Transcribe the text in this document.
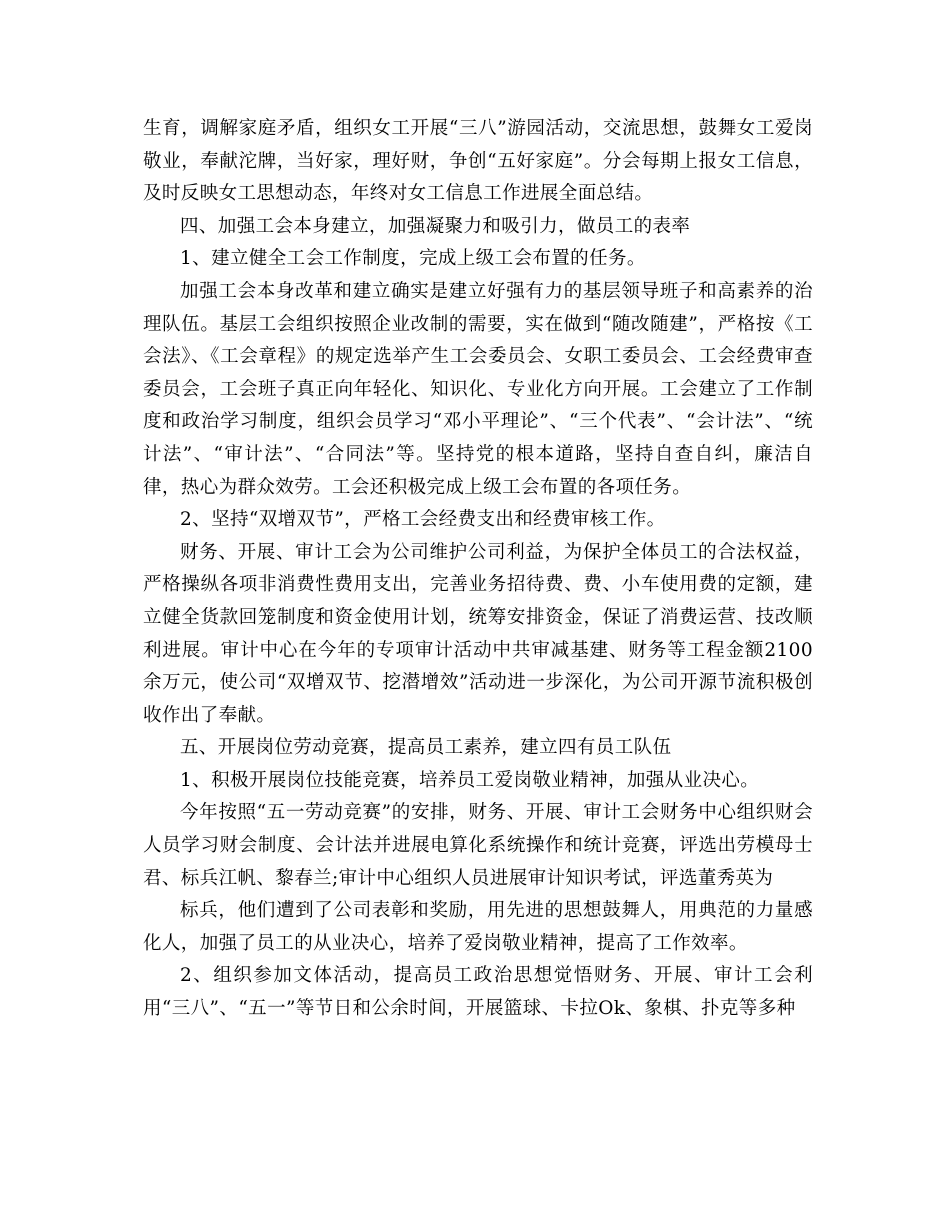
生育，调解家庭矛盾，组织女工开展“三八”游园活动，交流思想，鼓舞女工爱岗敬业，奉献沱牌，当好家，理好财，争创“五好家庭”。分会每期上报女工信息，及时反映女工思想动态，年终对女工信息工作进展全面总结。

四、加强工会本身建立，加强凝聚力和吸引力，做员工的表率

1、建立健全工会工作制度，完成上级工会布置的任务。

加强工会本身改革和建立确实是建立好强有力的基层领导班子和高素养的治理队伍。基层工会组织按照企业改制的需要，实在做到“随改随建”，严格按《工会法》、《工会章程》的规定选举产生工会委员会、女职工委员会、工会经费审查委员会，工会班子真正向年轻化、知识化、专业化方向开展。工会建立了工作制度和政治学习制度，组织会员学习“邓小平理论”、“三个代表”、“会计法”、“统计法”、“审计法”、“合同法”等。坚持党的根本道路，坚持自查自纠，廉洁自律，热心为群众效劳。工会还积极完成上级工会布置的各项任务。

2、坚持“双增双节”，严格工会经费支出和经费审核工作。

财务、开展、审计工会为公司维护公司利益，为保护全体员工的合法权益，严格操纵各项非消费性费用支出，完善业务招待费、费、小车使用费的定额，建立健全货款回笼制度和资金使用计划，统筹安排资金，保证了消费运营、技改顺利进展。审计中心在今年的专项审计活动中共审减基建、财务等工程金额2100余万元，使公司“双增双节、挖潜增效”活动进一步深化，为公司开源节流积极创收作出了奉献。

五、开展岗位劳动竞赛，提高员工素养，建立四有员工队伍

1、积极开展岗位技能竞赛，培养员工爱岗敬业精神，加强从业决心。

今年按照“五一劳动竞赛”的安排，财务、开展、审计工会财务中心组织财会人员学习财会制度、会计法并进展电算化系统操作和统计竞赛，评选出劳模母士君、标兵江帆、黎春兰;审计中心组织人员进展审计知识考试，评选董秀英为

标兵，他们遭到了公司表彰和奖励，用先进的思想鼓舞人，用典范的力量感化人，加强了员工的从业决心，培养了爱岗敬业精神，提高了工作效率。

2、组织参加文体活动，提高员工政治思想觉悟财务、开展、审计工会利用“三八”、“五一”等节日和公余时间，开展篮球、卡拉Ok、象棋、扑克等多种
